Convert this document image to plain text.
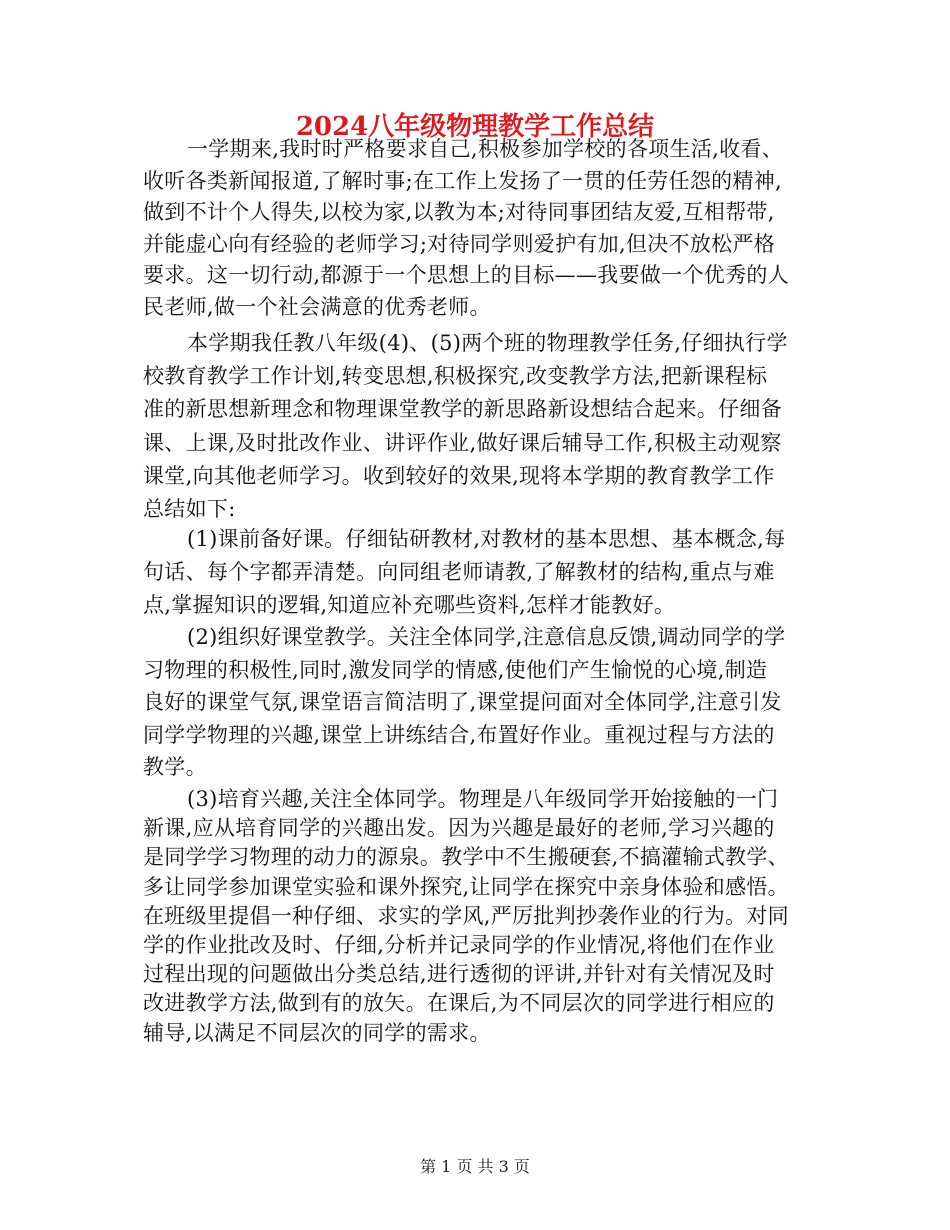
2024八年级物理教学工作总结
一学期来,我时时严格要求自己,积极参加学校的各项生活,收看、
收听各类新闻报道,了解时事;在工作上发扬了一贯的任劳任怨的精神,
做到不计个人得失,以校为家,以教为本;对待同事团结友爱,互相帮带,
并能虚心向有经验的老师学习;对待同学则爱护有加,但决不放松严格
要求。这一切行动,都源于一个思想上的目标——我要做一个优秀的人
民老师,做一个社会满意的优秀老师。
本学期我任教八年级(4)、(5)两个班的物理教学任务,仔细执行学
校教育教学工作计划,转变思想,积极探究,改变教学方法,把新课程标
准的新思想新理念和物理课堂教学的新思路新设想结合起来。仔细备
课、上课,及时批改作业、讲评作业,做好课后辅导工作,积极主动观察
课堂,向其他老师学习。收到较好的效果,现将本学期的教育教学工作
总结如下:
(1)课前备好课。仔细钻研教材,对教材的基本思想、基本概念,每
句话、每个字都弄清楚。向同组老师请教,了解教材的结构,重点与难
点,掌握知识的逻辑,知道应补充哪些资料,怎样才能教好。
(2)组织好课堂教学。关注全体同学,注意信息反馈,调动同学的学
习物理的积极性,同时,激发同学的情感,使他们产生愉悦的心境,制造
良好的课堂气氛,课堂语言简洁明了,课堂提问面对全体同学,注意引发
同学学物理的兴趣,课堂上讲练结合,布置好作业。重视过程与方法的
教学。
(3)培育兴趣,关注全体同学。物理是八年级同学开始接触的一门
新课,应从培育同学的兴趣出发。因为兴趣是最好的老师,学习兴趣的
是同学学习物理的动力的源泉。教学中不生搬硬套,不搞灌输式教学、
多让同学参加课堂实验和课外探究,让同学在探究中亲身体验和感悟。
在班级里提倡一种仔细、求实的学风,严厉批判抄袭作业的行为。对同
学的作业批改及时、仔细,分析并记录同学的作业情况,将他们在作业
过程出现的问题做出分类总结,进行透彻的评讲,并针对有关情况及时
改进教学方法,做到有的放矢。在课后,为不同层次的同学进行相应的
辅导,以满足不同层次的同学的需求。
第 1 页 共 3 页
